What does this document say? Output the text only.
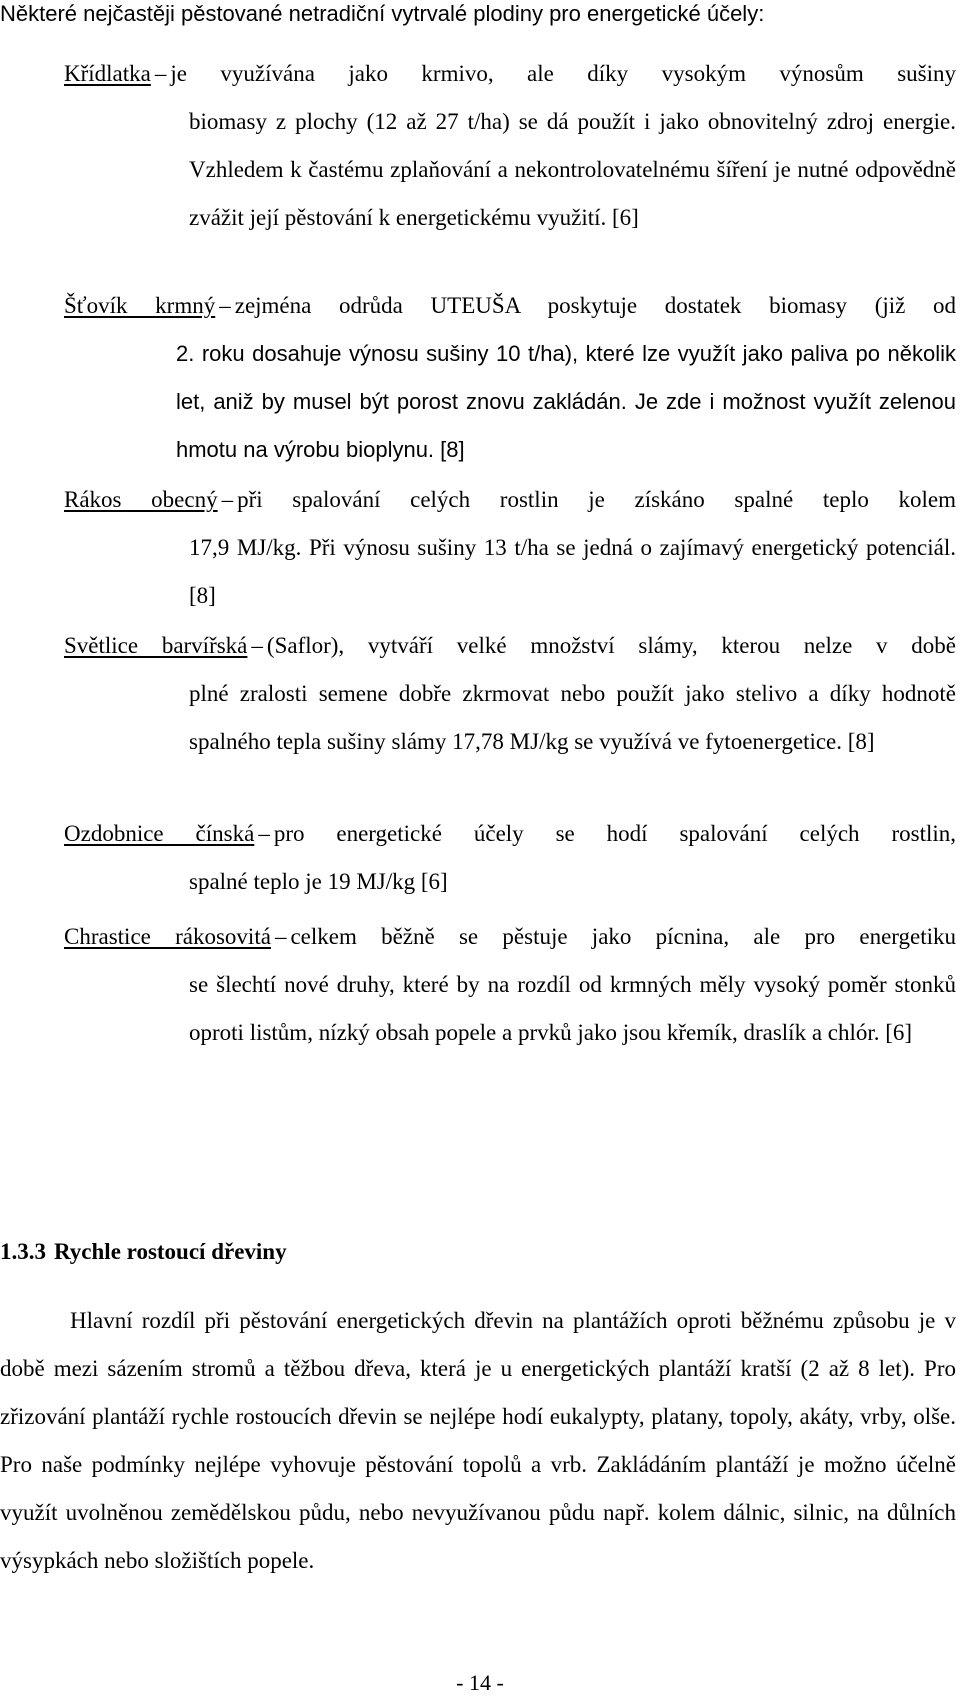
Některé nejčastěji pěstované netradiční vytrvalé plodiny pro energetické účely:
Křídlatka – je využívána jako krmivo, ale díky vysokým výnosům sušiny
biomasy z plochy (12 až 27 t/ha) se dá použít i jako obnovitelný zdroj energie. Vzhledem k častému zplaňování a nekontrolovatelnému šíření je nutné odpovědně zvážit její pěstování k energetickému využití. [6]
Šťovík krmný – zejména odrůda UTEUŠA poskytuje dostatek biomasy (již od
2. roku dosahuje výnosu sušiny 10 t/ha), které lze využít jako paliva po několik let, aniž by musel být porost znovu zakládán. Je zde i možnost využít zelenou hmotu na výrobu bioplynu. [8]
Rákos obecný – při spalování celých rostlin je získáno spalné teplo kolem
17,9 MJ/kg. Při výnosu sušiny 13 t/ha se jedná o zajímavý energetický potenciál. [8]
Světlice barvířská – (Saflor), vytváří velké množství slámy, kterou nelze v době
plné zralosti semene dobře zkrmovat nebo použít jako stelivo a díky hodnotě spalného tepla sušiny slámy 17,78 MJ/kg se využívá ve fytoenergetice. [8]
Ozdobnice čínská – pro energetické účely se hodí spalování celých rostlin,
spalné teplo je 19 MJ/kg [6]
Chrastice rákosovitá – celkem běžně se pěstuje jako pícnina, ale pro energetiku
se šlechtí nové druhy, které by na rozdíl od krmných měly vysoký poměr stonků oproti listům, nízký obsah popele a prvků jako jsou křemík, draslík a chlór. [6]
1.3.3 Rychle rostoucí dřeviny
Hlavní rozdíl při pěstování energetických dřevin na plantážích oproti běžnému způsobu je v době mezi sázením stromů a těžbou dřeva, která je u energetických plantáží kratší (2 až 8 let). Pro zřizování plantáží rychle rostoucích dřevin se nejlépe hodí eukalypty, platany, topoly, akáty, vrby, olše. Pro naše podmínky nejlépe vyhovuje pěstování topolů a vrb. Zakládáním plantáží je možno účelně využít uvolněnou zemědělskou půdu, nebo nevyužívanou půdu např. kolem dálnic, silnic, na důlních výsypkách nebo složištích popele.
- 14 -
